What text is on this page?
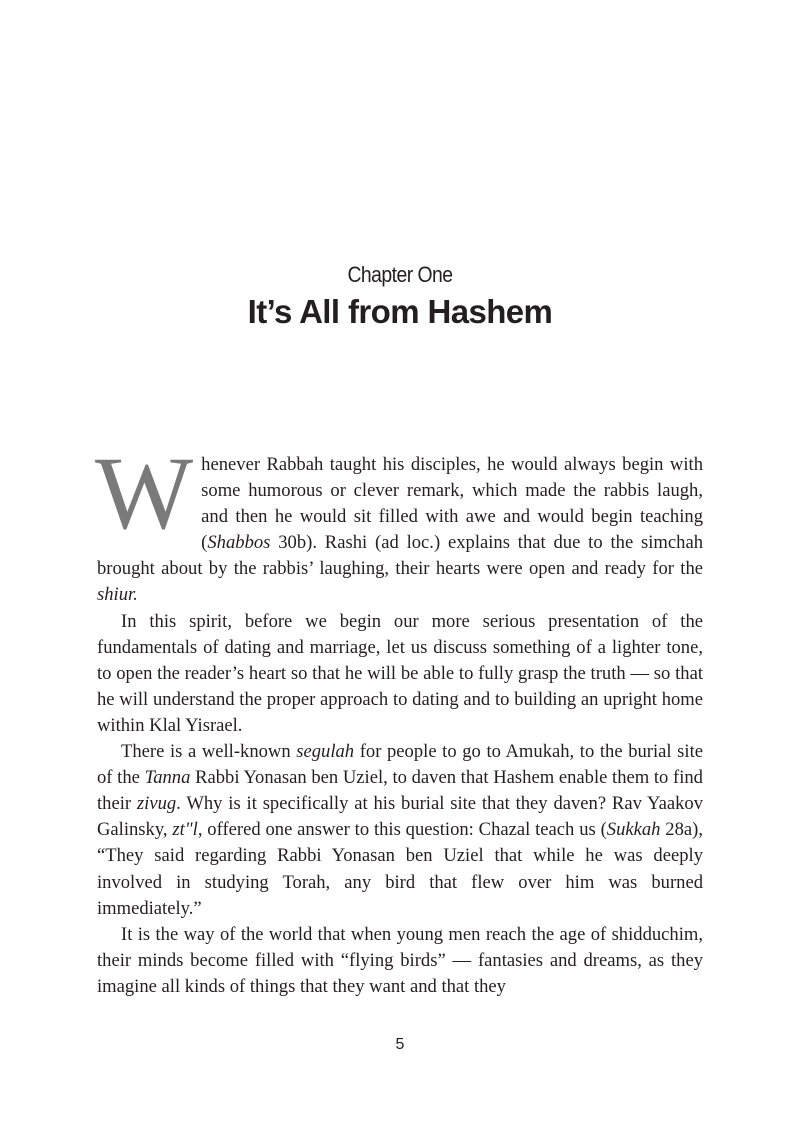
Chapter One
It’s All from Hashem

W henever Rabbah taught his disciples, he would always begin with some humorous or clever remark, which made the rabbis laugh, and then he would sit filled with awe and would begin teaching (Shabbos 30b). Rashi (ad loc.) explains that due to the simchah brought about by the rabbis’ laughing, their hearts were open and ready for the shiur.

In this spirit, before we begin our more serious presentation of the fundamentals of dating and marriage, let us discuss something of a lighter tone, to open the reader’s heart so that he will be able to fully grasp the truth — so that he will understand the proper approach to dating and to building an upright home within Klal Yisrael.

There is a well-known segulah for people to go to Amukah, to the burial site of the Tanna Rabbi Yonasan ben Uziel, to daven that Hashem enable them to find their zivug. Why is it specifically at his burial site that they daven? Rav Yaakov Galinsky, zt"l, offered one answer to this question: Chazal teach us (Sukkah 28a), “They said regarding Rabbi Yonasan ben Uziel that while he was deeply involved in studying Torah, any bird that flew over him was burned immediately.”

It is the way of the world that when young men reach the age of shidduchim, their minds become filled with “flying birds” — fantasies and dreams, as they imagine all kinds of things that they want and that they

5
